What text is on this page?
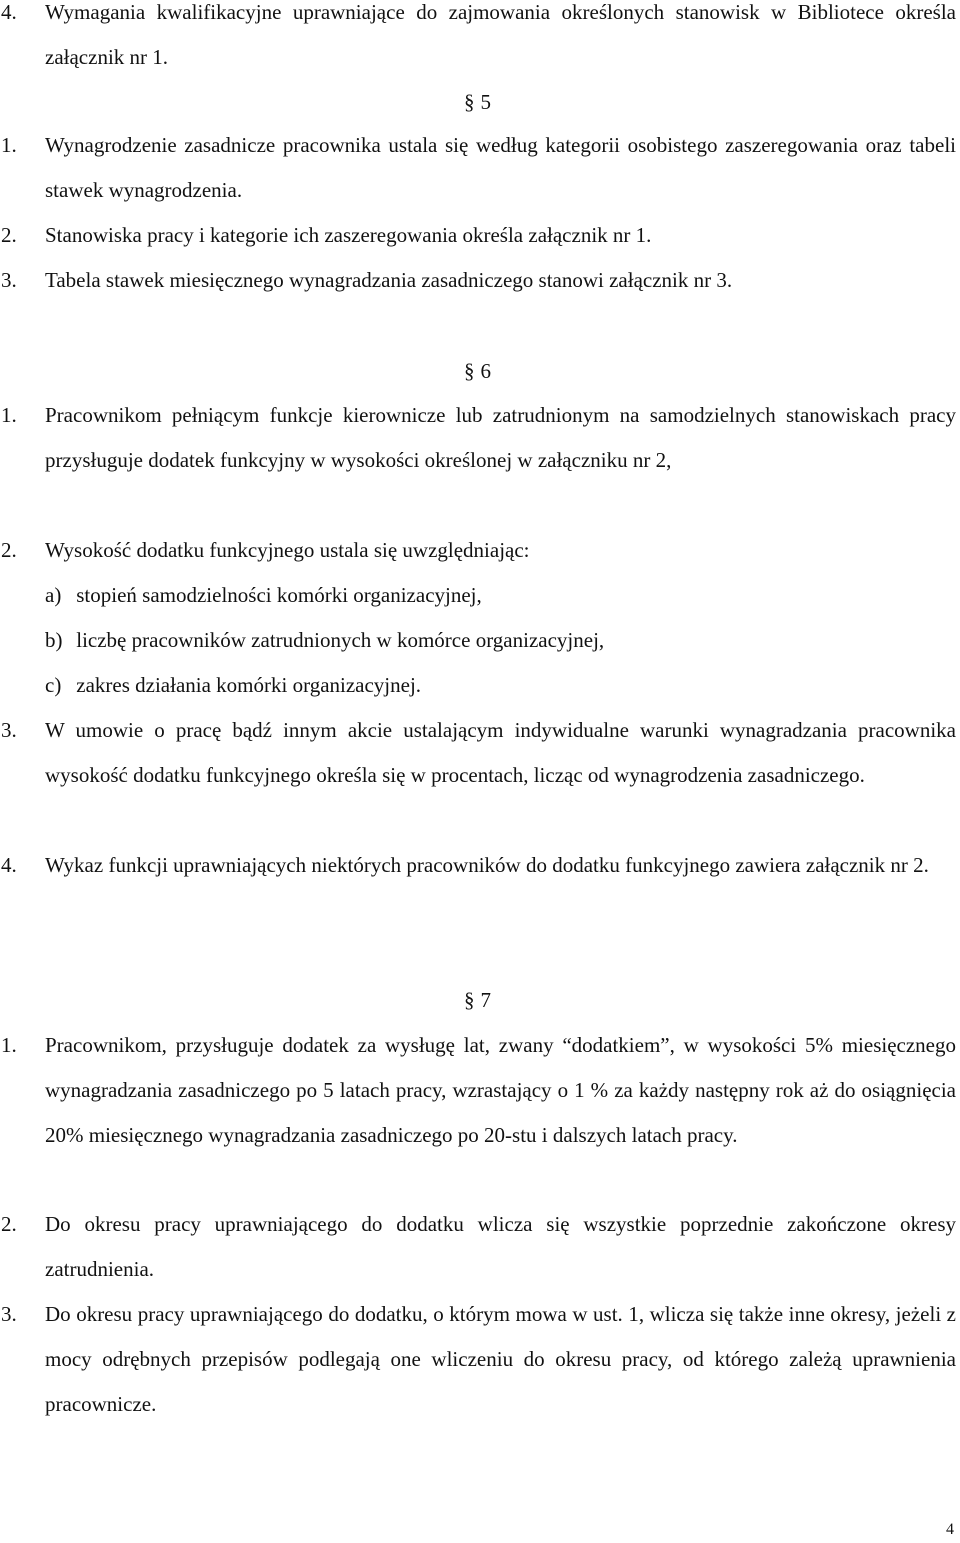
4. Wymagania kwalifikacyjne uprawniające do zajmowania określonych stanowisk w Bibliotece określa załącznik nr 1.

§ 5

1. Wynagrodzenie zasadnicze pracownika ustala się według kategorii osobistego zaszeregowania oraz tabeli stawek wynagrodzenia.

2. Stanowiska pracy i kategorie ich zaszeregowania określa załącznik nr 1.

3. Tabela stawek miesięcznego wynagradzania zasadniczego stanowi załącznik nr 3.

§ 6

1. Pracownikom pełniącym funkcje kierownicze lub zatrudnionym na samodzielnych stanowiskach pracy przysługuje dodatek funkcyjny w wysokości określonej w załączniku nr 2,

2. Wysokość dodatku funkcyjnego ustala się uwzględniając:

a) stopień samodzielności komórki organizacyjnej,
b) liczbę pracowników zatrudnionych w komórce organizacyjnej,
c) zakres działania komórki organizacyjnej.

3. W umowie o pracę bądź innym akcie ustalającym indywidualne warunki wynagradzania pracownika wysokość dodatku funkcyjnego określa się w procentach, licząc od wynagrodzenia zasadniczego.

4. Wykaz funkcji uprawniających niektórych pracowników do dodatku funkcyjnego zawiera załącznik nr 2.

§ 7

1. Pracownikom, przysługuje dodatek za wysługę lat, zwany “dodatkiem”, w wysokości 5% miesięcznego wynagradzania zasadniczego po 5 latach pracy, wzrastający o 1 % za każdy następny rok aż do osiągnięcia 20% miesięcznego wynagradzania zasadniczego po 20-stu i dalszych latach pracy.

2. Do okresu pracy uprawniającego do dodatku wlicza się wszystkie poprzednie zakończone okresy zatrudnienia.

3. Do okresu pracy uprawniającego do dodatku, o którym mowa w ust. 1, wlicza się także inne okresy, jeżeli z mocy odrębnych przepisów podlegają one wliczeniu do okresu pracy, od którego zależą uprawnienia pracownicze.

4
